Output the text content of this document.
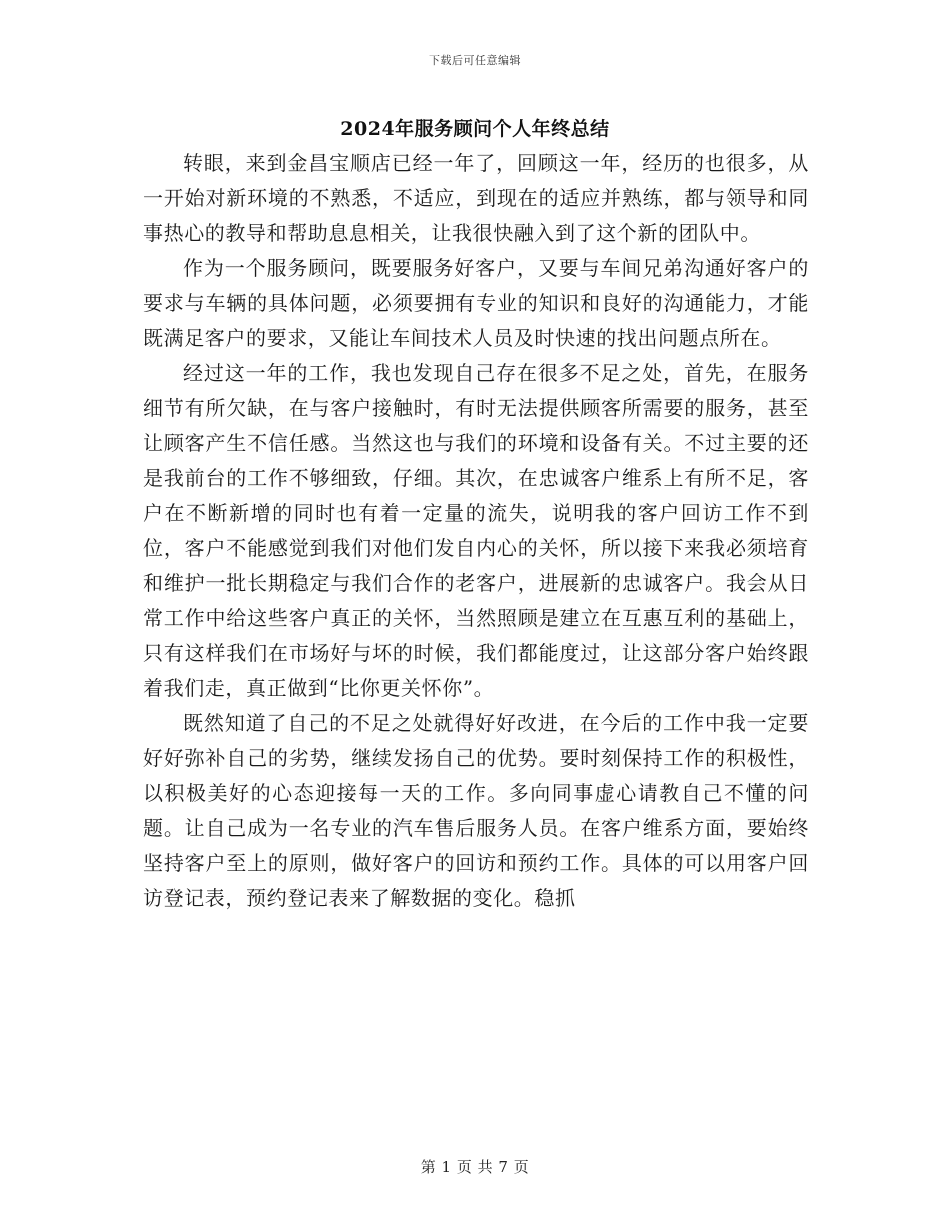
下载后可任意编辑
2024年服务顾问个人年终总结

转眼，来到金昌宝顺店已经一年了，回顾这一年，经历的也很多，从一开始对新环境的不熟悉，不适应，到现在的适应并熟练，都与领导和同事热心的教导和帮助息息相关，让我很快融入到了这个新的团队中。

作为一个服务顾问，既要服务好客户，又要与车间兄弟沟通好客户的要求与车辆的具体问题，必须要拥有专业的知识和良好的沟通能力，才能既满足客户的要求，又能让车间技术人员及时快速的找出问题点所在。

经过这一年的工作，我也发现自己存在很多不足之处，首先，在服务细节有所欠缺，在与客户接触时，有时无法提供顾客所需要的服务，甚至让顾客产生不信任感。当然这也与我们的环境和设备有关。不过主要的还是我前台的工作不够细致，仔细。其次，在忠诚客户维系上有所不足，客户在不断新增的同时也有着一定量的流失，说明我的客户回访工作不到位，客户不能感觉到我们对他们发自内心的关怀，所以接下来我必须培育和维护一批长期稳定与我们合作的老客户，进展新的忠诚客户。我会从日常工作中给这些客户真正的关怀，当然照顾是建立在互惠互利的基础上，只有这样我们在市场好与坏的时候，我们都能度过，让这部分客户始终跟着我们走，真正做到“比你更关怀你”。

既然知道了自己的不足之处就得好好改进，在今后的工作中我一定要好好弥补自己的劣势，继续发扬自己的优势。要时刻保持工作的积极性，以积极美好的心态迎接每一天的工作。多向同事虚心请教自己不懂的问题。让自己成为一名专业的汽车售后服务人员。在客户维系方面，要始终坚持客户至上的原则，做好客户的回访和预约工作。具体的可以用客户回访登记表，预约登记表来了解数据的变化。稳抓

第 1 页 共 7 页
